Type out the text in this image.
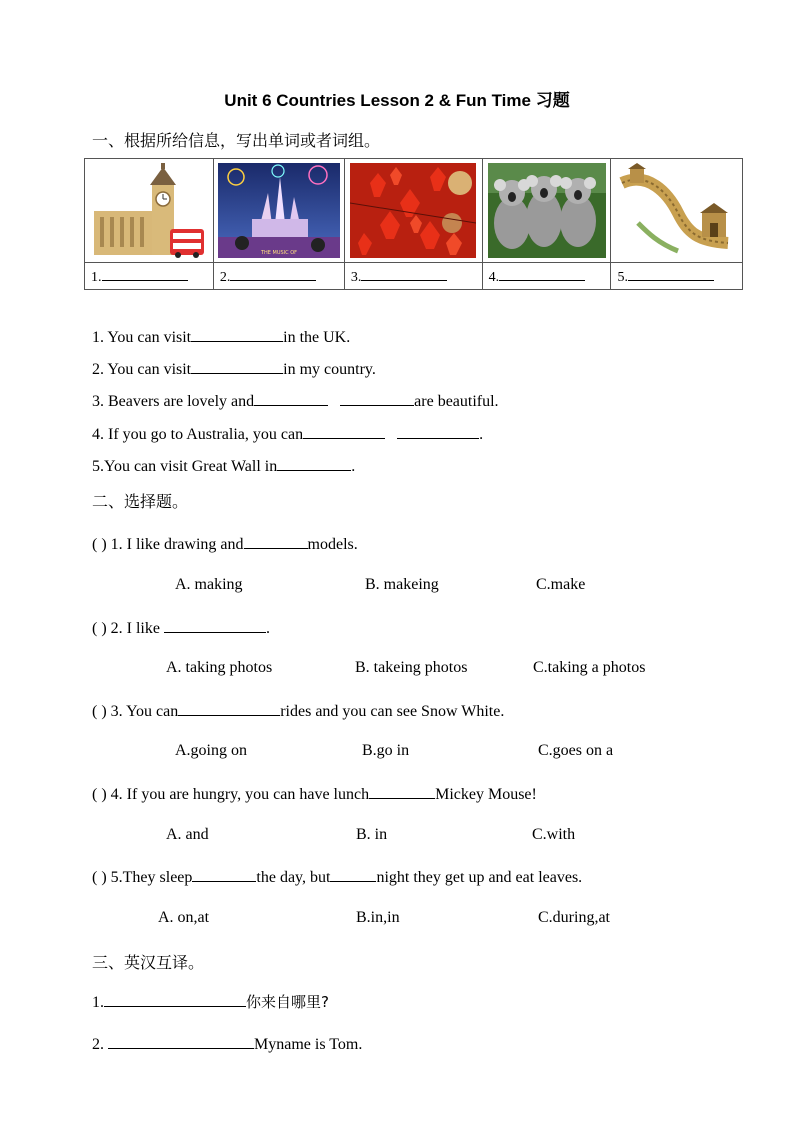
Unit 6 Countries Lesson 2 & Fun Time 习题
一、根据所给信息，写出单词或者词组。

THE MUSIC OF

1.	2.	3.	4.	5.
1. You can visit	in the UK.
2. You can visit	in my country.
3. Beavers are lovely and	are beautiful.
4. If you go to Australia, you can	.
5.You can visit Great Wall in	.
二、选择题。
( ) 1. I like drawing and	models.
A. making	B. makeing	C.make
( ) 2. I like	.
A. taking photos	B. takeing photos	C.taking a photos
( ) 3. You can	rides and you can see Snow White.
A.going on	B.go in	C.goes on a
( ) 4. If you are hungry, you can have lunch	Mickey Mouse!
A. and	B. in	C.with
( ) 5.They sleep	the day, but	night they get up and eat leaves.
A. on,at	B.in,in	C.during,at
三、英汉互译。
1.	你来自哪里?
2.	Myname is Tom.
